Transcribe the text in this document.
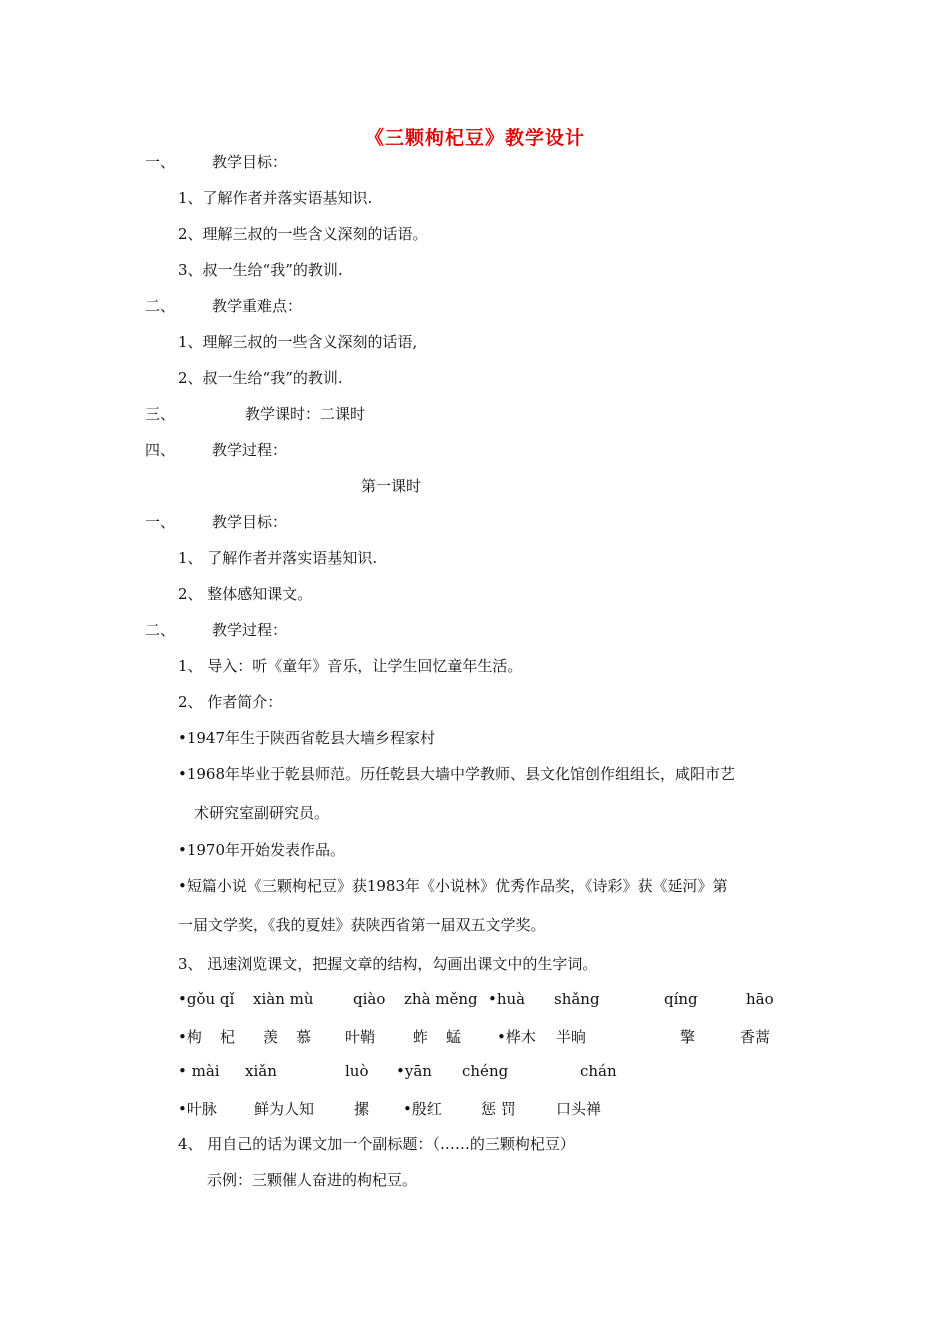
《三颗枸杞豆》教学设计
一、 教学目标：
1、了解作者并落实语基知识.
2、理解三叔的一些含义深刻的话语。
3、叔一生给“我”的教训.
二、 教学重难点：
1、理解三叔的一些含义深刻的话语,
2、叔一生给“我”的教训.
三、	教学课时：二课时
四、 教学过程：
第一课时
一、 教学目标：
1、 了解作者并落实语基知识.
2、 整体感知课文。
二、 教学过程：
1、 导入：听《童年》音乐，让学生回忆童年生活。
2、 作者简介：
•1947年生于陕西省乾县大墙乡程家村
•1968年毕业于乾县师范。历任乾县大墙中学教师、县文化馆创作组组长，咸阳市艺
术研究室副研究员。
•1970年开始发表作品。
•短篇小说《三颗枸杞豆》获1983年《小说林》优秀作品奖，《诗彩》获《延河》第
一届文学奖，《我的夏娃》获陕西省第一届双五文学奖。
3、 迅速浏览课文，把握文章的结构，勾画出课文中的生字词。
•gǒu qǐ xiàn mù	qiào zhà měng •huà shǎng	qíng	hāo
•枸 杞 羡 慕 叶鞘	蚱 蜢 •桦木 半晌	擎	香蒿
• mài xiǎn	luò •yān chéng	chán
•叶脉 鲜为人知	摞 •殷红	惩 罚	口头禅
4、 用自己的话为课文加一个副标题：（……的三颗枸杞豆）
示例：三颗催人奋进的枸杞豆。
